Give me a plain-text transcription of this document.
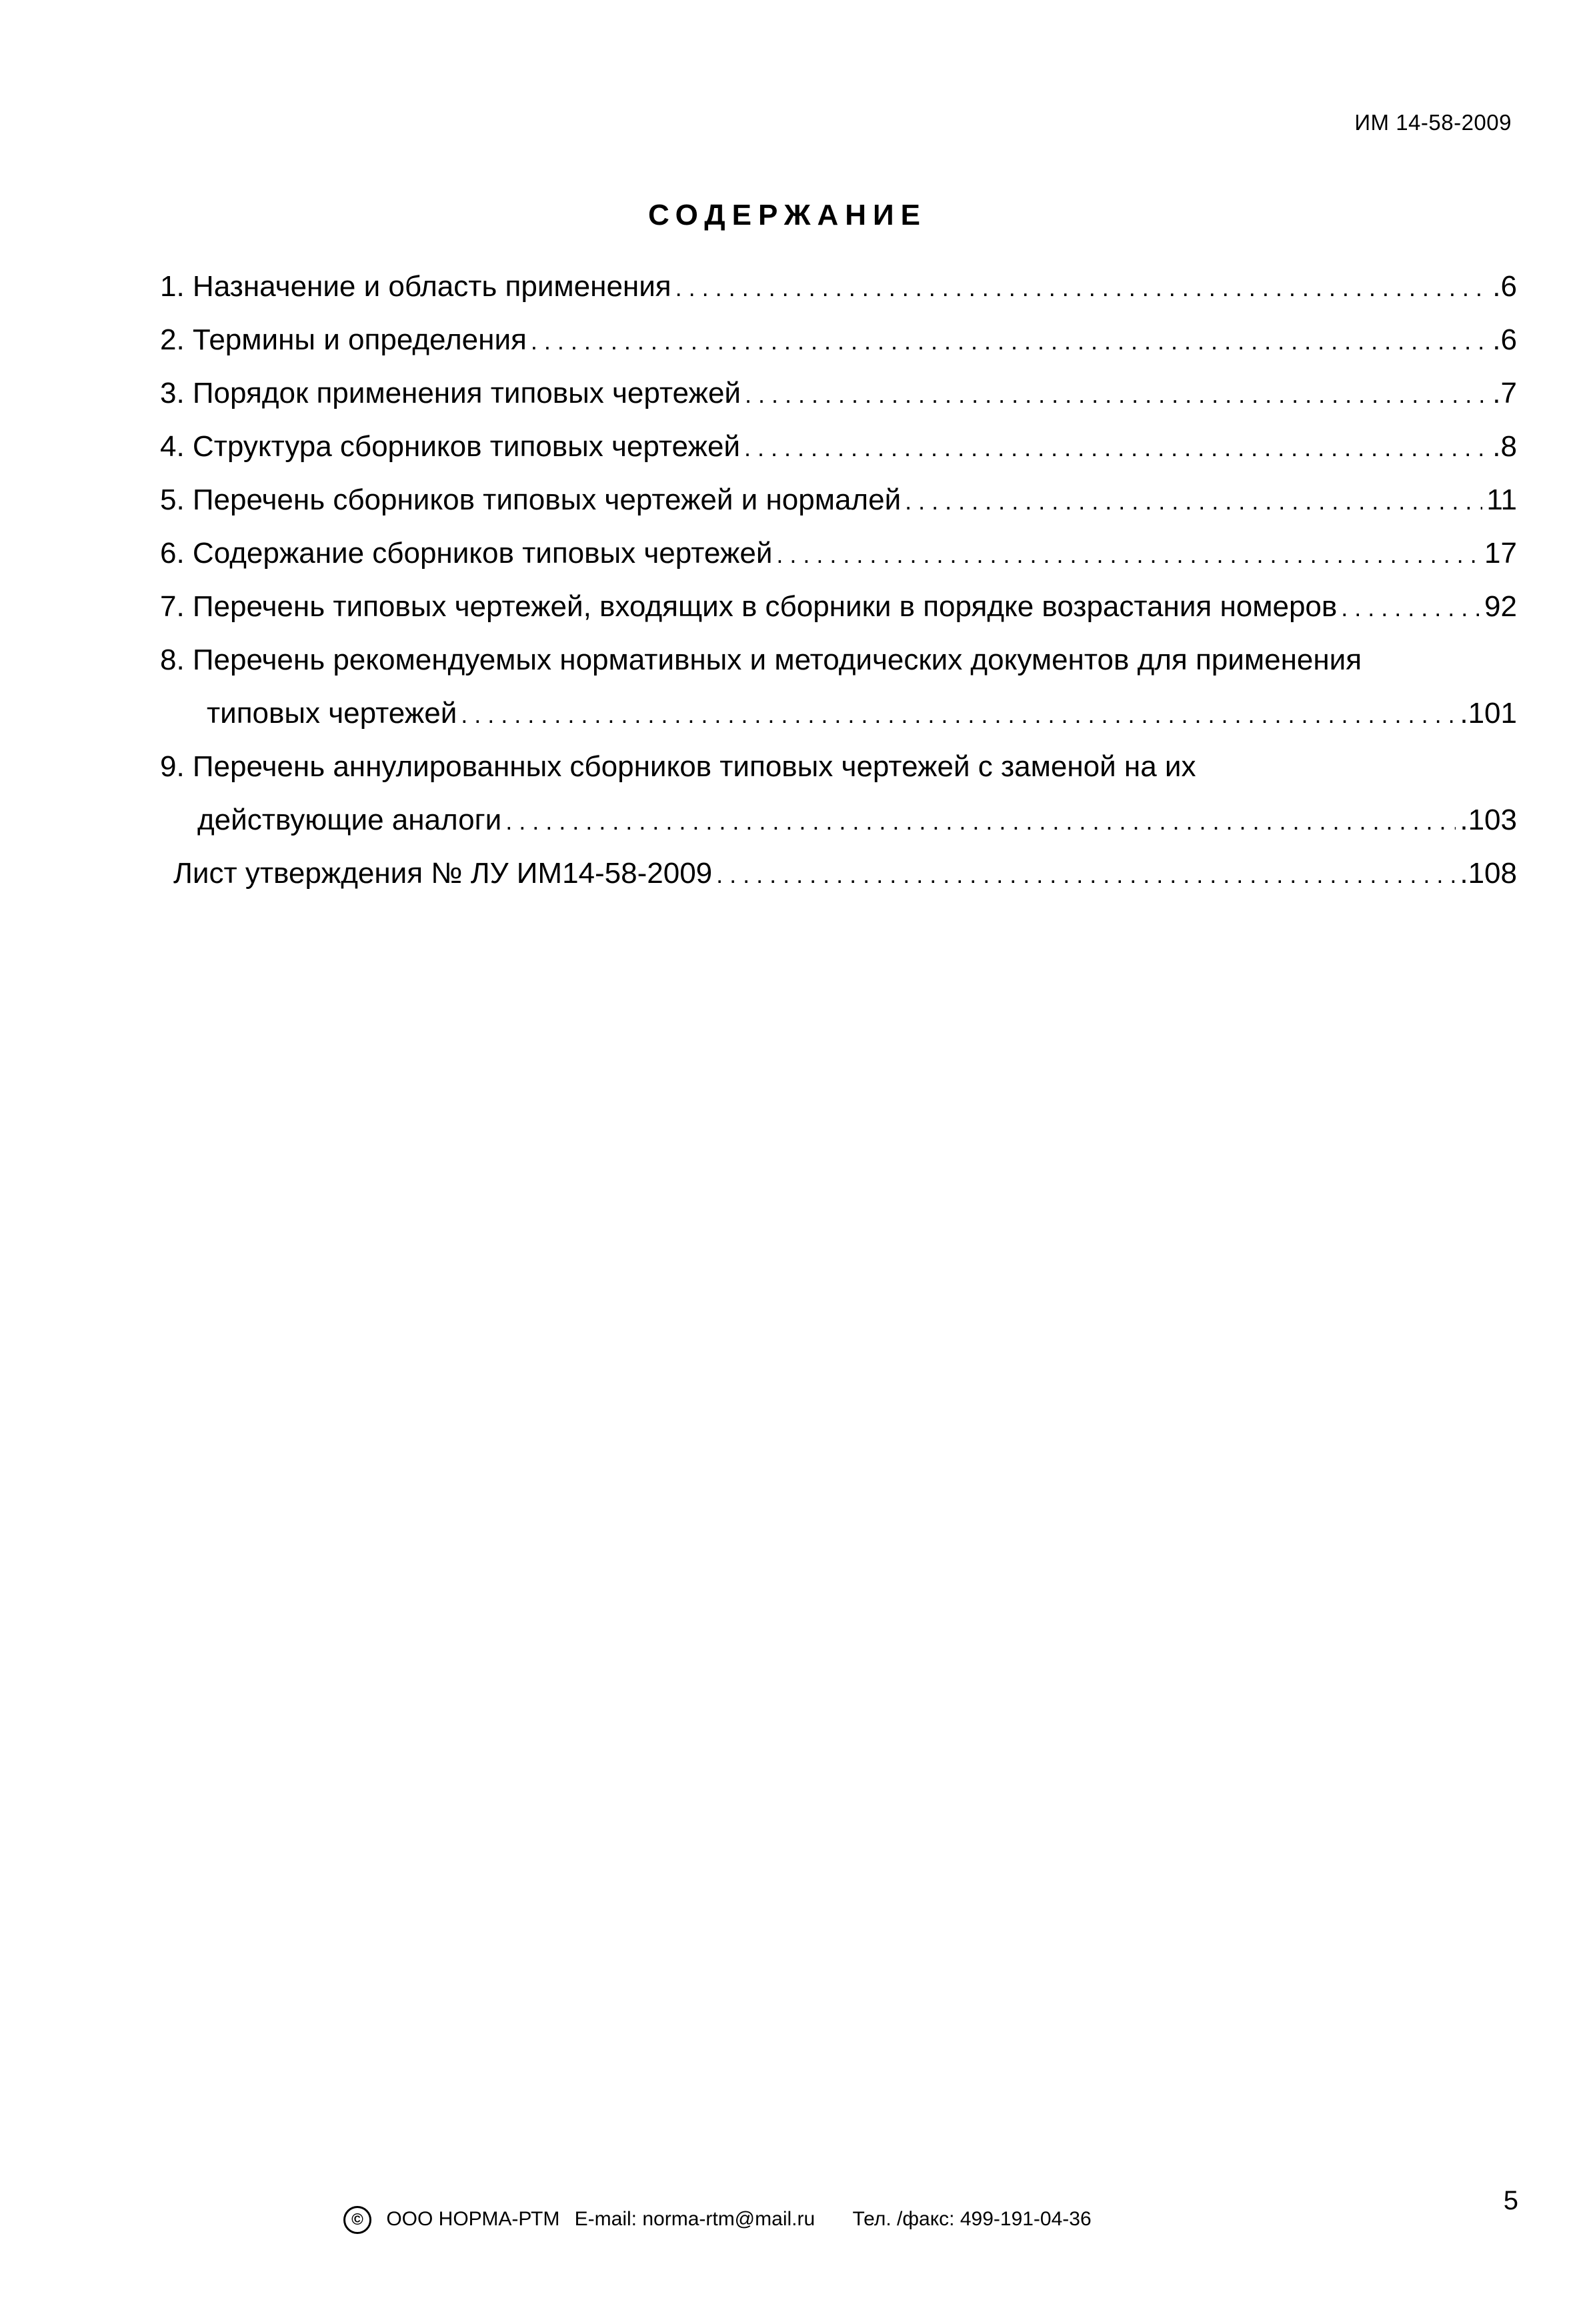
ИМ 14-58-2009
СОДЕРЖАНИЕ
1. Назначение и область применения . . .	.6
2. Термины и определения . . .	.6
3. Порядок применения типовых чертежей . . .	.7
4. Структура сборников типовых чертежей . . .	.8
5. Перечень сборников типовых чертежей и нормалей . . .	11
6. Содержание сборников типовых чертежей . . .	17
7. Перечень типовых чертежей, входящих в сборники в порядке возрастания номеров . . .	92
8. Перечень рекомендуемых нормативных и методических документов для применения
типовых чертежей . . .	.101
9. Перечень аннулированных сборников типовых чертежей с заменой на их
действующие аналоги . . .	.103
Лист утверждения № ЛУ ИМ14-58-2009 . . .	.108
© ООО НОРМА-РТМ E-mail: norma-rtm@mail.ru Тел. /факс: 499-191-04-36
5
